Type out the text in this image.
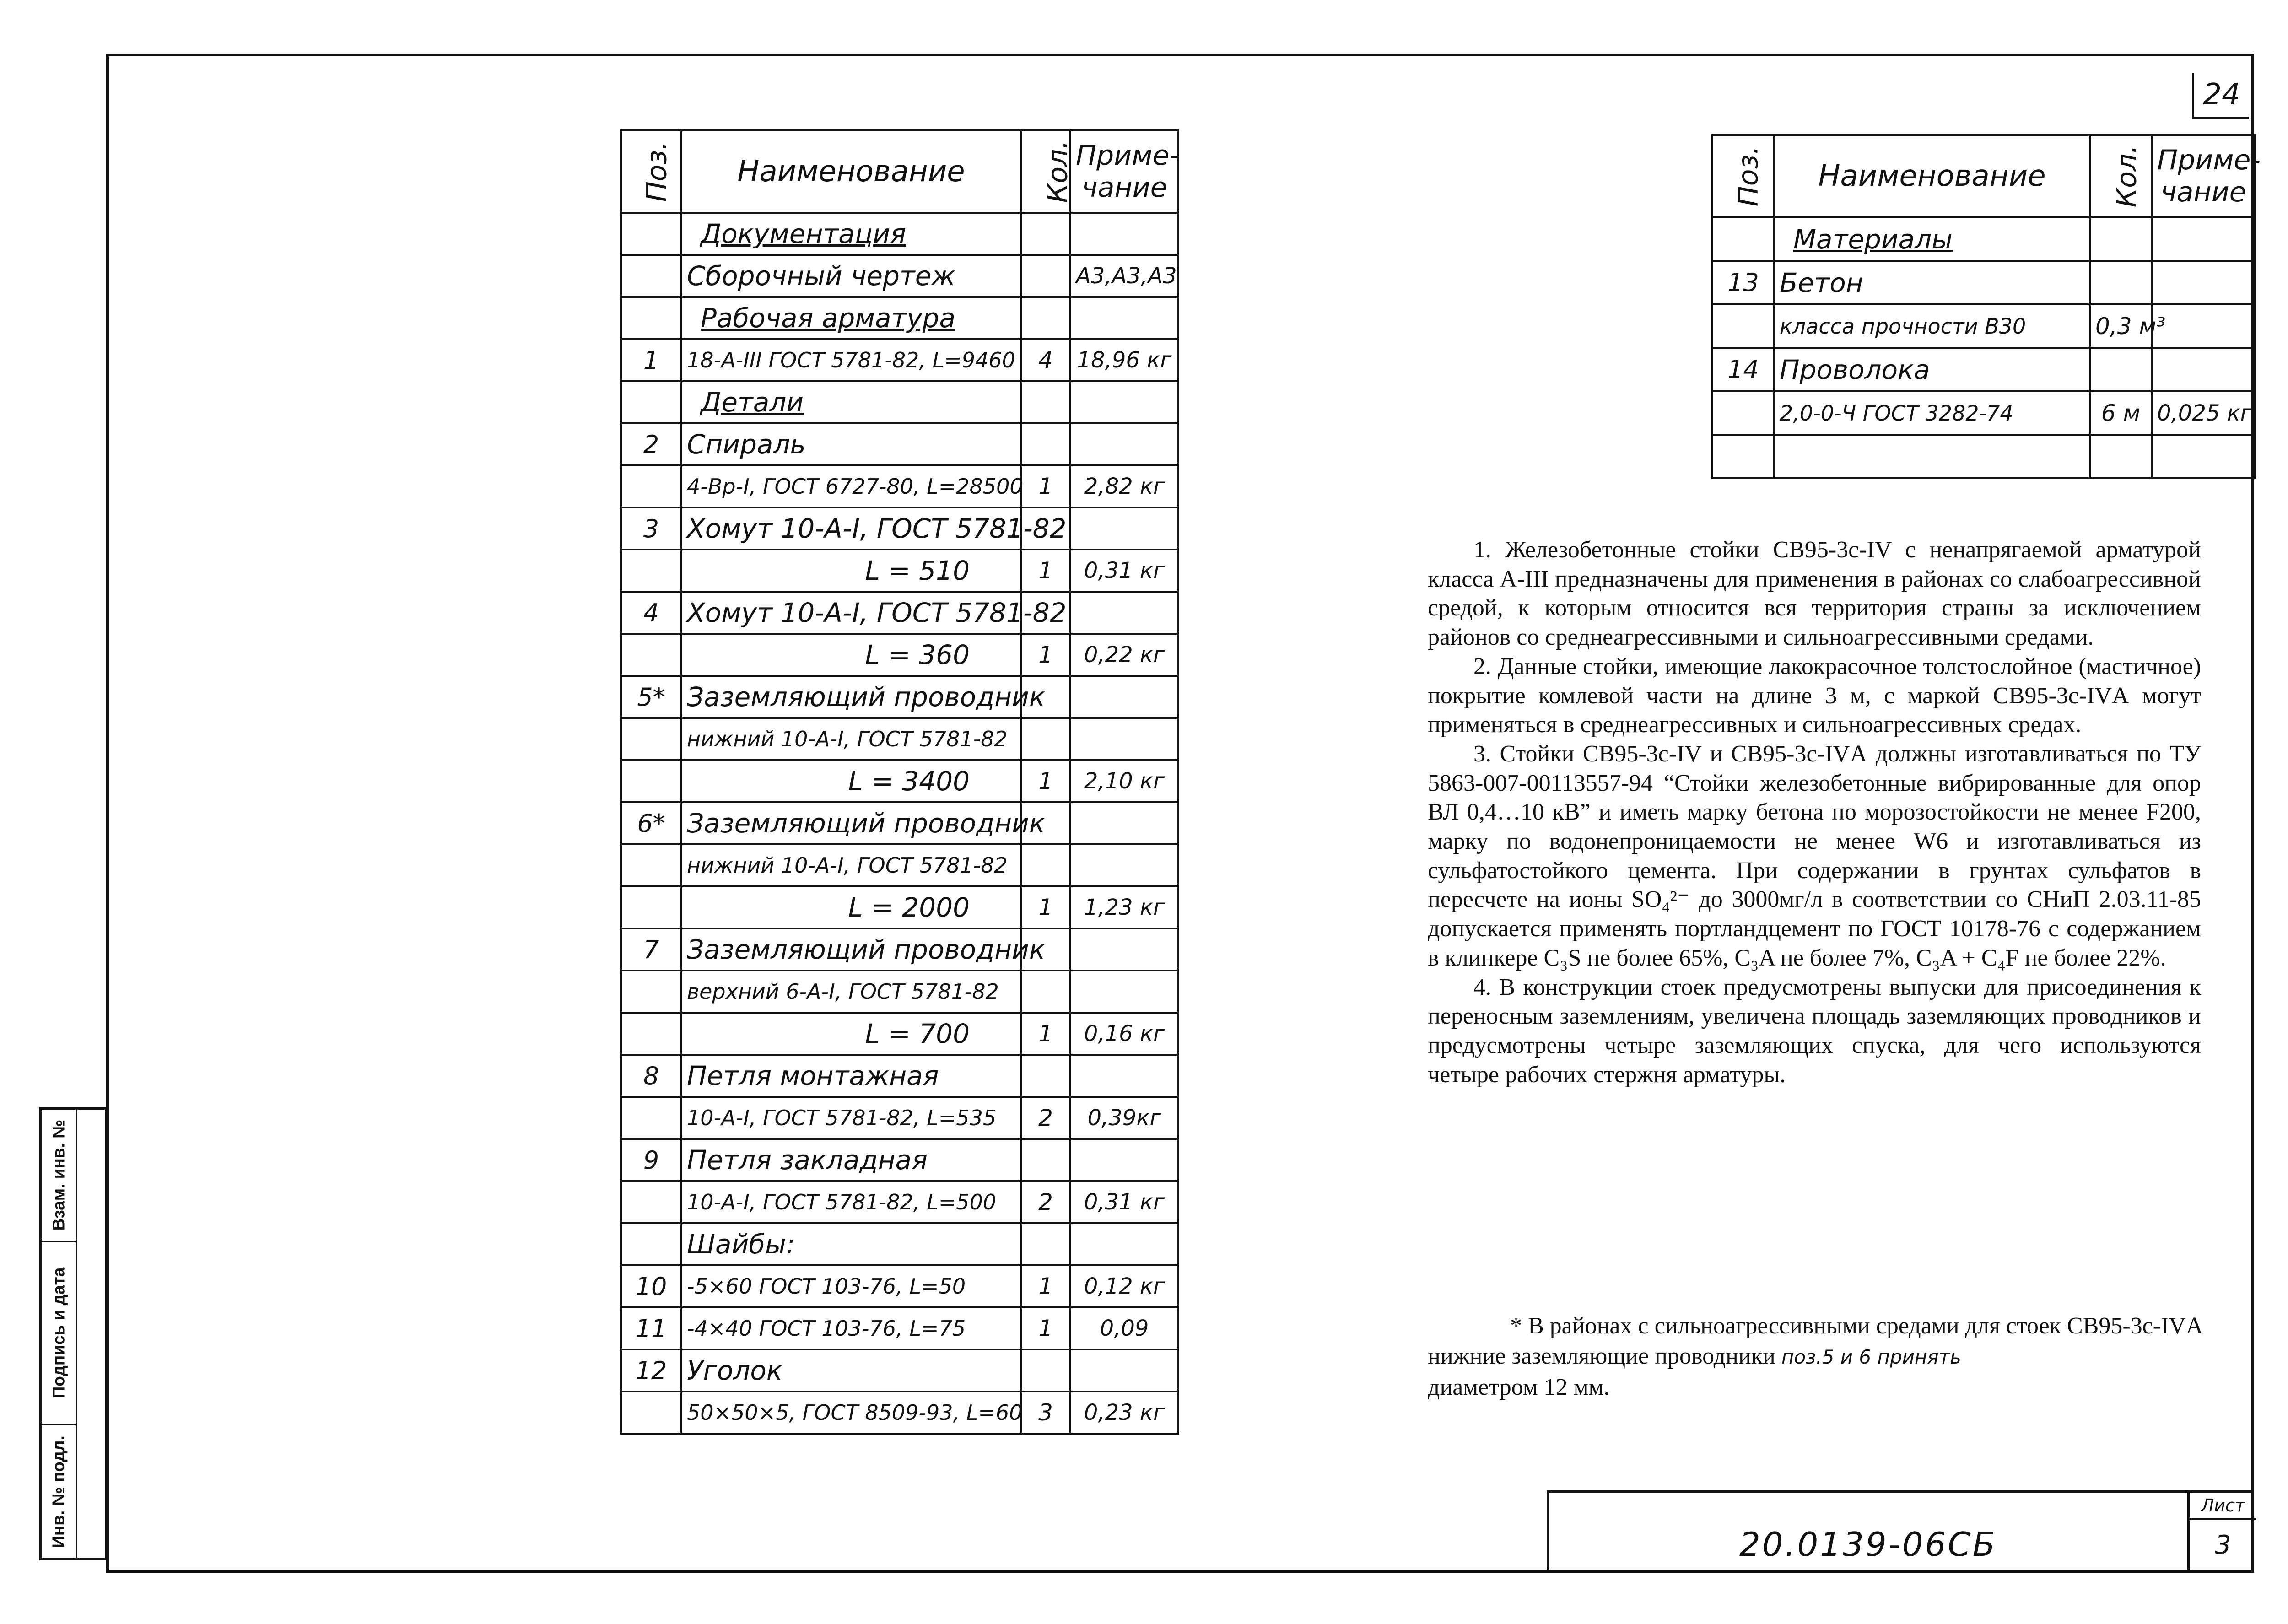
24
Взам. инв. №
Подпись и дата
Инв. № подл.
Поз.	Наименование	Кол.	Приме- чание
	Документация		
	Сборочный чертеж		А3,А3,А3
	Рабочая арматура		
1	18-А-III ГОСТ 5781-82, L=9460	4	18,96 кг
	Детали		
2	Спираль		
	4-Вр-I, ГОСТ 6727-80, L=28500	1	2,82 кг
3	Хомут 10-А-I, ГОСТ 5781-82		
	L = 510	1	0,31 кг
4	Хомут 10-А-I, ГОСТ 5781-82		
	L = 360	1	0,22 кг
5*	Заземляющий проводник		
	нижний 10-А-I, ГОСТ 5781-82		
	L = 3400	1	2,10 кг
6*	Заземляющий проводник		
	нижний 10-А-I, ГОСТ 5781-82		
	L = 2000	1	1,23 кг
7	Заземляющий проводник		
	верхний 6-А-I, ГОСТ 5781-82		
	L = 700	1	0,16 кг
8	Петля монтажная		
	10-А-I, ГОСТ 5781-82, L=535	2	0,39кг
9	Петля закладная		
	10-А-I, ГОСТ 5781-82, L=500	2	0,31 кг
	Шайбы:		
10	-5×60 ГОСТ 103-76, L=50	1	0,12 кг
11	-4×40 ГОСТ 103-76, L=75	1	0,09
12	Уголок		
	50×50×5, ГОСТ 8509-93, L=60	3	0,23 кг
Поз.	Наименование	Кол.	Приме- чание
	Материалы		
13	Бетон		
	класса прочности В30	0,3 м³	
14	Проволока		
	2,0-0-Ч ГОСТ 3282-74	6 м	0,025 кг

1. Железобетонные стойки СВ95-3с-IV с ненапрягаемой арматурой класса А-III предназначены для применения в районах со слабоагрессивной средой, к которым относится вся территория страны за исключением районов со среднеагрессивными и сильноагрессивными средами.

2. Данные стойки, имеющие лакокрасочное толстослойное (мастичное) покрытие комлевой части на длине 3 м, с маркой СВ95-3с-IVА могут применяться в среднеагрессивных и сильноагрессивных средах.

3. Стойки СВ95-3с-IV и СВ95-3с-IVА должны изготавливаться по ТУ 5863-007-00113557-94 “Стойки железобетонные вибрированные для опор ВЛ 0,4…10 кВ” и иметь марку бетона по морозостойкости не менее F200, марку по водонепроницаемости не менее W6 и изготавливаться из сульфатостойкого цемента. При содержании в грунтах сульфатов в пересчете на ионы SO₄²⁻ до 3000мг/л в соответствии со СНиП 2.03.11-85 допускается применять портландцемент по ГОСТ 10178-76 с содержанием в клинкере C₃S не более 65%, C₃A не более 7%, C₃A + C₄F не более 22%.

4. В конструкции стоек предусмотрены выпуски для присоединения к переносным заземлениям, увеличена площадь заземляющих проводников и предусмотрены четыре заземляющих спуска, для чего используются четыре рабочих стержня арматуры.

* В районах с сильноагрессивными средами для стоек СВ95-3с-IVА нижние заземляющие проводники поз.5 и 6 принять
диаметром 12 мм.
20.0139-06СБ
Лист
3
